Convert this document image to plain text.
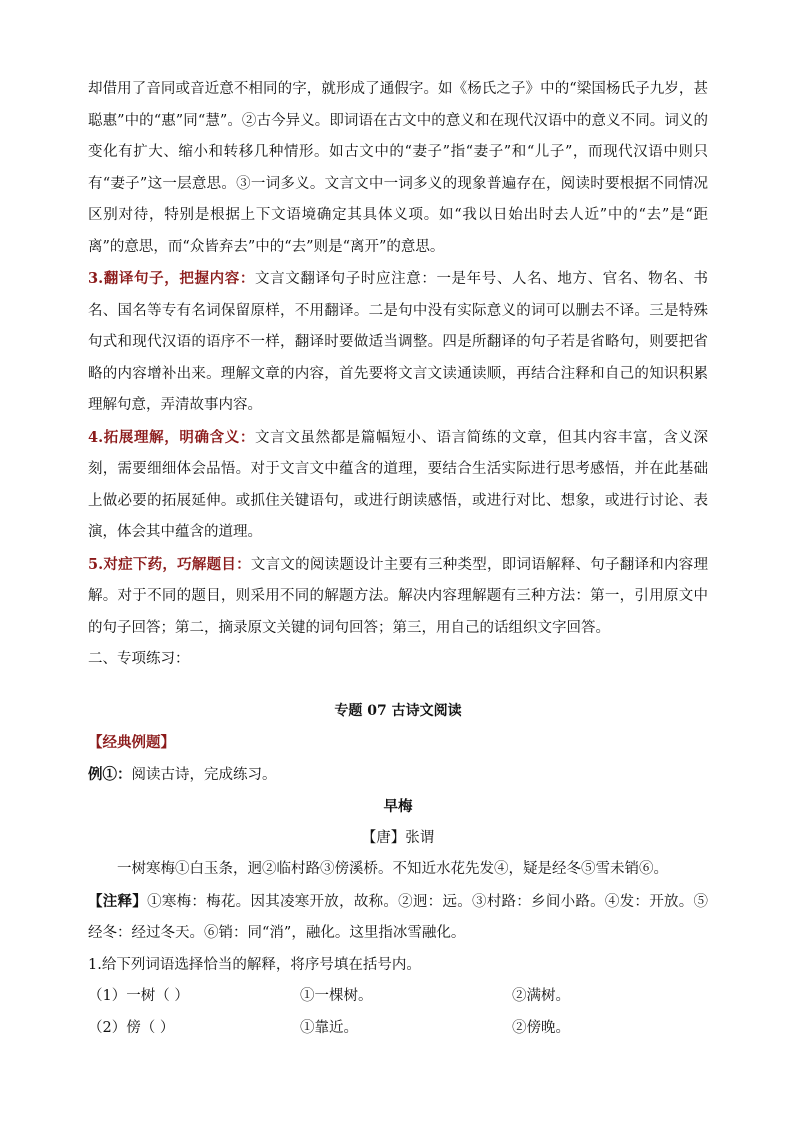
却借用了音同或音近意不相同的字，就形成了通假字。如《杨氏之子》中的“梁国杨氏子九岁，甚聪惠”中的“惠”同“慧”。②古今异义。即词语在古文中的意义和在现代汉语中的意义不同。词义的变化有扩大、缩小和转移几种情形。如古文中的“妻子”指“妻子”和“儿子”，而现代汉语中则只有“妻子”这一层意思。③一词多义。文言文中一词多义的现象普遍存在，阅读时要根据不同情况区别对待，特别是根据上下文语境确定其具体义项。如“我以日始出时去人近”中的“去”是“距离”的意思，而“众皆弃去”中的“去”则是“离开”的意思。

3.翻译句子，把握内容：文言文翻译句子时应注意：一是年号、人名、地方、官名、物名、书名、国名等专有名词保留原样，不用翻译。二是句中没有实际意义的词可以删去不译。三是特殊句式和现代汉语的语序不一样，翻译时要做适当调整。四是所翻译的句子若是省略句，则要把省略的内容增补出来。理解文章的内容，首先要将文言文读通读顺，再结合注释和自己的知识积累理解句意，弄清故事内容。

4.拓展理解，明确含义：文言文虽然都是篇幅短小、语言简练的文章，但其内容丰富，含义深刻，需要细细体会品悟。对于文言文中蕴含的道理，要结合生活实际进行思考感悟，并在此基础上做必要的拓展延伸。或抓住关键语句，或进行朗读感悟，或进行对比、想象，或进行讨论、表演，体会其中蕴含的道理。

5.对症下药，巧解题目：文言文的阅读题设计主要有三种类型，即词语解释、句子翻译和内容理解。对于不同的题目，则采用不同的解题方法。解决内容理解题有三种方法：第一，引用原文中的句子回答；第二，摘录原文关键的词句回答；第三，用自己的话组织文字回答。

二、专项练习：

专题 07 古诗文阅读

【经典例题】

例①：阅读古诗，完成练习。

早梅

【唐】张谓

一树寒梅①白玉条，迥②临村路③傍溪桥。不知近水花先发④，疑是经冬⑤雪未销⑥。

【注释】①寒梅：梅花。因其凌寒开放，故称。②迥：远。③村路：乡间小路。④发：开放。⑤经冬：经过冬天。⑥销：同“消”，融化。这里指冰雪融化。

1.给下列词语选择恰当的解释，将序号填在括号内。

（1）一树（ ）	①一棵树。	②满树。
（2）傍（ ）	①靠近。	②傍晚。
